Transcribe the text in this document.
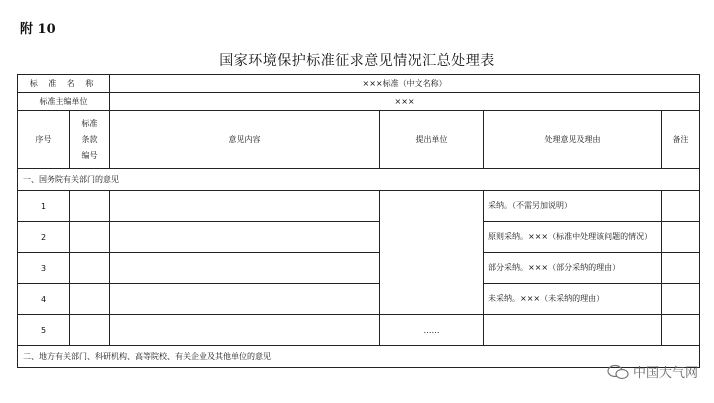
附 10
国家环境保护标准征求意见情况汇总处理表
标 准 名 称		×××标准（中文名称）			
标准主编单位		×××			
序号	标准
条款
编号	意见内容	提出单位	处理意见及理由	备注
一、国务院有关部门的意见					
1				采纳。（不需另加说明）	
2				原则采纳。×××（标准中处理该问题的情况）	
3				部分采纳。×××（部分采纳的理由）	
4				未采纳。×××（未采纳的理由）	
5			……		
二、地方有关部门、科研机构、高等院校、有关企业及其他单位的意见					
中国大气网
